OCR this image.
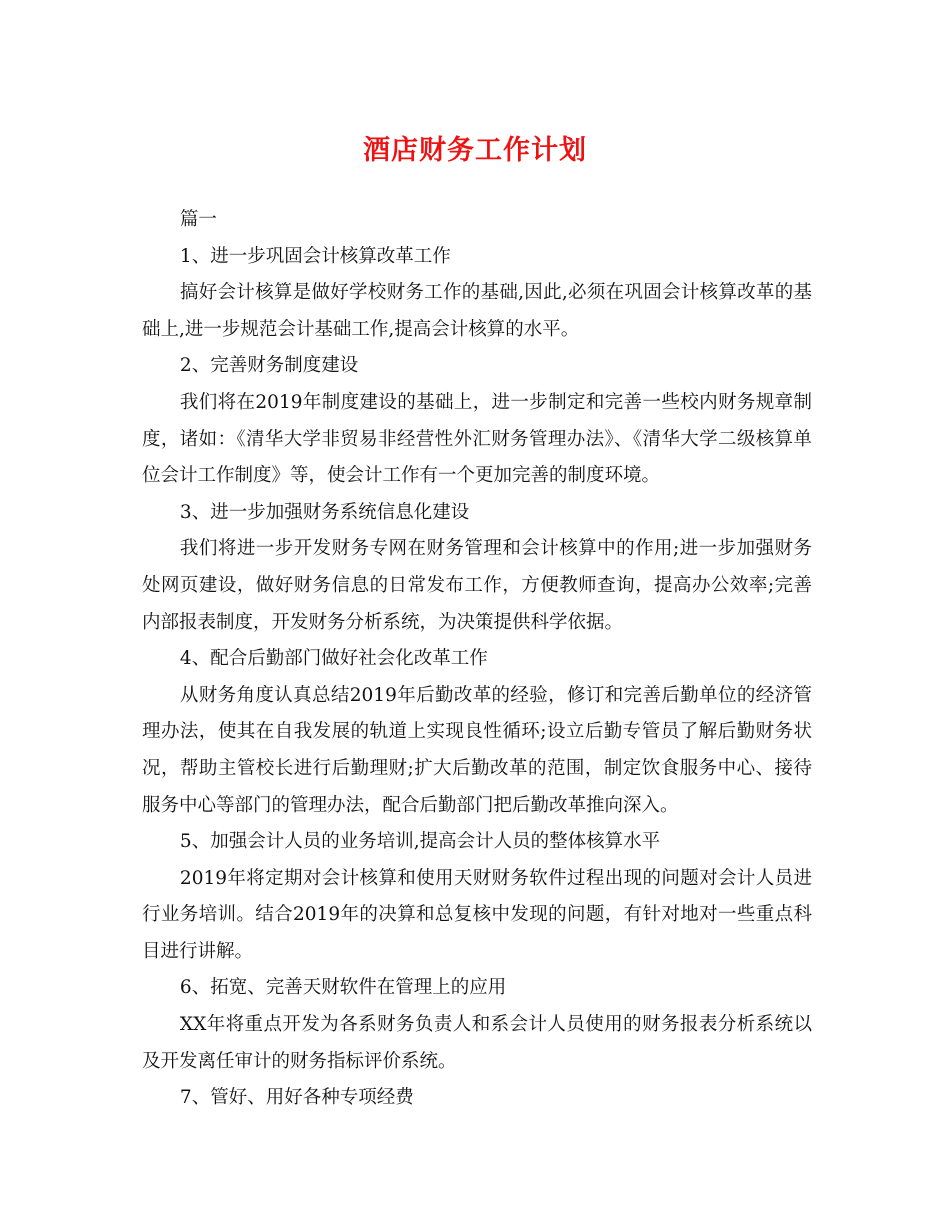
酒店财务工作计划

篇一

1、进一步巩固会计核算改革工作

搞好会计核算是做好学校财务工作的基础,因此,必须在巩固会计核算改革的基础上,进一步规范会计基础工作,提高会计核算的水平。

2、完善财务制度建设

我们将在2019年制度建设的基础上，进一步制定和完善一些校内财务规章制度，诸如：《清华大学非贸易非经营性外汇财务管理办法》、《清华大学二级核算单位会计工作制度》等，使会计工作有一个更加完善的制度环境。

3、进一步加强财务系统信息化建设

我们将进一步开发财务专网在财务管理和会计核算中的作用;进一步加强财务处网页建设，做好财务信息的日常发布工作，方便教师查询，提高办公效率;完善内部报表制度，开发财务分析系统，为决策提供科学依据。

4、配合后勤部门做好社会化改革工作

从财务角度认真总结2019年后勤改革的经验，修订和完善后勤单位的经济管理办法，使其在自我发展的轨道上实现良性循环;设立后勤专管员了解后勤财务状况，帮助主管校长进行后勤理财;扩大后勤改革的范围，制定饮食服务中心、接待服务中心等部门的管理办法，配合后勤部门把后勤改革推向深入。

5、加强会计人员的业务培训,提高会计人员的整体核算水平

2019年将定期对会计核算和使用天财财务软件过程出现的问题对会计人员进行业务培训。结合2019年的决算和总复核中发现的问题，有针对地对一些重点科目进行讲解。

6、拓宽、完善天财软件在管理上的应用

XX年将重点开发为各系财务负责人和系会计人员使用的财务报表分析系统以及开发离任审计的财务指标评价系统。

7、管好、用好各种专项经费
